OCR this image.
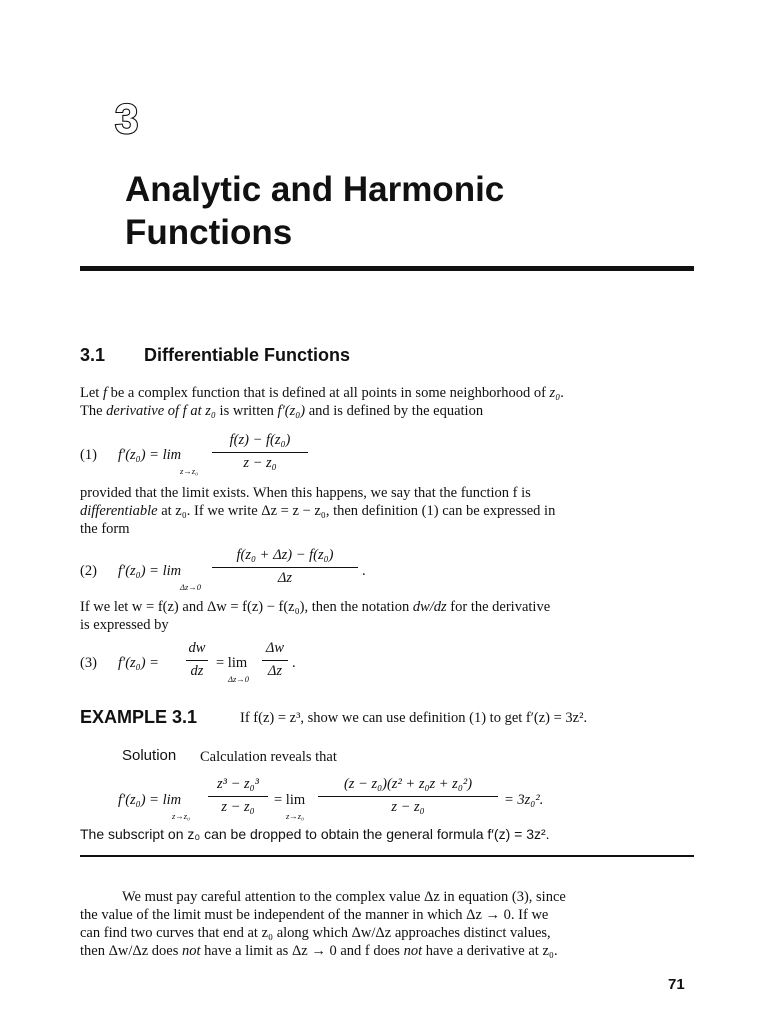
3
Analytic and Harmonic
Functions
3.1 Differentiable Functions
Let f be a complex function that is defined at all points in some neighborhood of z₀.
The derivative of f at z₀ is written f′(z₀) and is defined by the equation
(1) f′(z₀) = lim
z→z₀
f(z) − f(z₀)
z − z₀
provided that the limit exists. When this happens, we say that the function f is
differentiable at z₀. If we write Δz = z − z₀, then definition (1) can be expressed in
the form
(2) f′(z₀) = lim
Δz→0
f(z₀ + Δz) − f(z₀)
Δz	.
If we let w = f(z) and Δw = f(z) − f(z₀), then the notation dw/dz for the derivative
is expressed by
(3) f′(z₀) =
dw
dz = lim
Δz→0
Δw
Δz .
EXAMPLE 3.1	If f(z) = z³, show we can use definition (1) to get f′(z) = 3z².
Solution Calculation reveals that
f′(z₀) = lim
z→z₀
z³ − z₀³
z − z₀	= lim
z→z₀
(z − z₀)(z² + z₀z + z₀²)
z − z₀	= 3z₀².
The subscript on z₀ can be dropped to obtain the general formula f′(z) = 3z².
We must pay careful attention to the complex value Δz in equation (3), since
the value of the limit must be independent of the manner in which Δz → 0. If we
can find two curves that end at z₀ along which Δw/Δz approaches distinct values,
then Δw/Δz does not have a limit as Δz → 0 and f does not have a derivative at z₀.
71
